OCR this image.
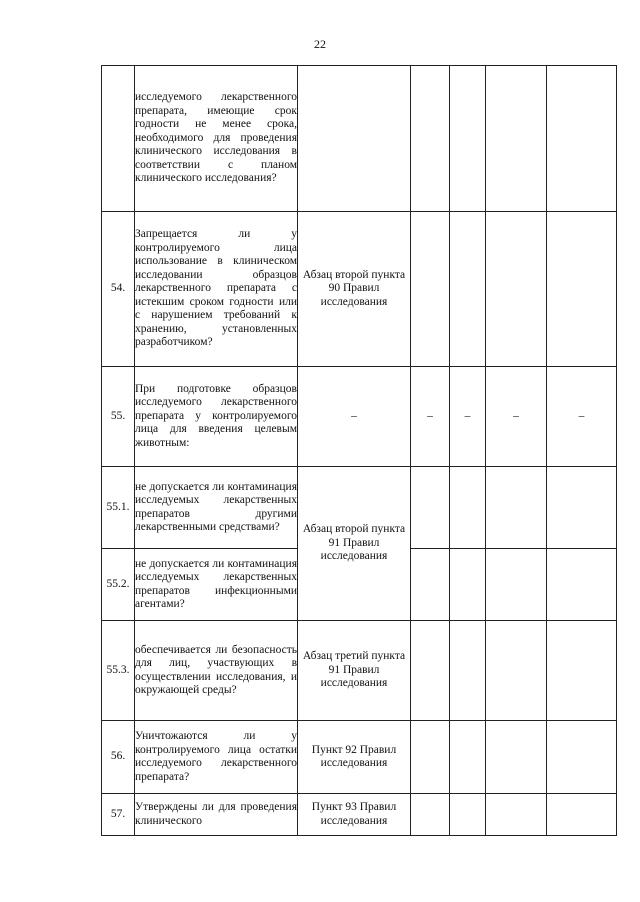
22
	исследуемого лекарственного препарата, имеющие срок годности не менее срока, необходимого для проведения клинического исследования в соответствии с планом клинического исследования?					
54.	Запрещается ли у контролируемого лица использование в клиническом исследовании образцов лекарственного препарата с истекшим сроком годности или с нарушением требований к хранению, установленных разработчиком?	Абзац второй пункта 90 Правил исследования				
55.	При подготовке образцов исследуемого лекарственного препарата у контролируемого лица для введения целевым животным:	–	–	–	–	–
55.1.	не допускается ли контаминация исследуемых лекарственных препаратов другими лекарственными средствами?	Абзац второй пункта 91 Правил исследования				
55.2.	не допускается ли контаминация исследуемых лекарственных препаратов инфекционными агентами?					
55.3.	обеспечивается ли безопасность для лиц, участвующих в осуществлении исследования, и окружающей среды?	Абзац третий пункта 91 Правил исследования				
56.	Уничтожаются ли у контролируемого лица остатки исследуемого лекарственного препарата?	Пункт 92 Правил исследования				
57.	Утверждены ли для проведения клинического	Пункт 93 Правил исследования				
